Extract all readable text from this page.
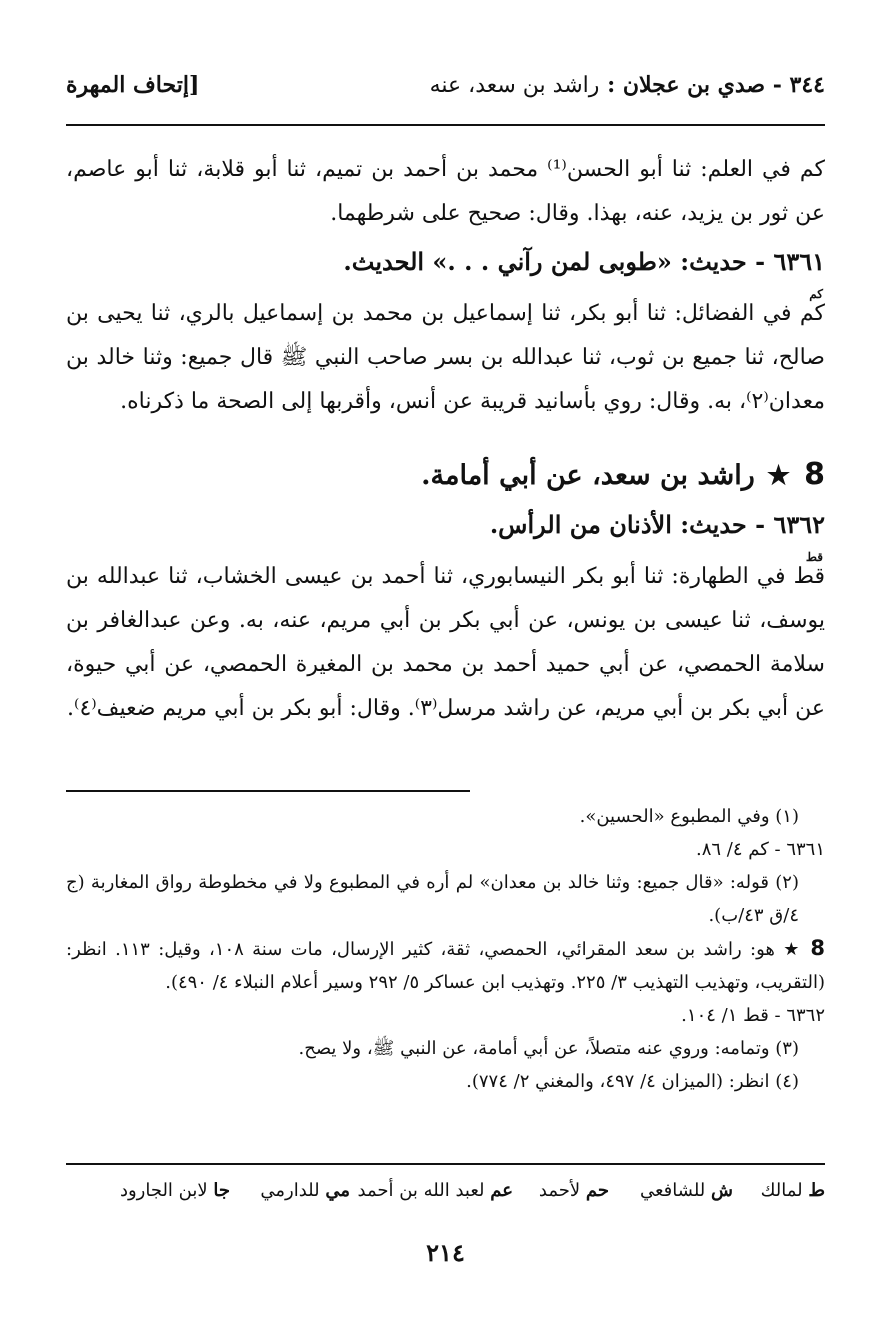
٣٤٤ - صدي بن عجلان : راشد بن سعد، عنه
[إتحاف المهرة

كم في العلم: ثنا أبو الحسن⁽¹⁾ محمد بن أحمد بن تميم، ثنا أبو قلابة، ثنا أبو عاصم، عن ثور بن يزيد، عنه، بهذا. وقال: صحيح على شرطهما.

٦٣٦١ - حديث: «طوبى لمن رآني . . .» الحديث.
كم

كم في الفضائل: ثنا أبو بكر، ثنا إسماعيل بن محمد بن إسماعيل بالري، ثنا يحيى بن صالح، ثنا جميع بن ثوب، ثنا عبدالله بن بسر صاحب النبي ﷺ قال جميع: وثنا خالد بن معدان⁽٢⁾، به. وقال: روي بأسانيد قريبة عن أنس، وأقربها إلى الصحة ما ذكرناه.

8★راشد بن سعد، عن أبي أمامة.
٦٣٦٢ - حديث: الأذنان من الرأس.
قط

قط في الطهارة: ثنا أبو بكر النيسابوري، ثنا أحمد بن عيسى الخشاب، ثنا عبدالله بن يوسف، ثنا عيسى بن يونس، عن أبي بكر بن أبي مريم، عنه، به. وعن عبدالغافر بن سلامة الحمصي، عن أبي حميد أحمد بن محمد بن المغيرة الحمصي، عن أبي حيوة، عن أبي بكر بن أبي مريم، عن راشد مرسل⁽٣⁾. وقال: أبو بكر بن أبي مريم ضعيف⁽٤⁾.

(١) وفي المطبوع «الحسين».

٦٣٦١ - كم ٤/ ٨٦.

(٢) قوله: «قال جميع: وثنا خالد بن معدان» لم أره في المطبوع ولا في مخطوطة رواق المغاربة (ج ٤/ق ٤٣/ب).

8 ★ هو: راشد بن سعد المقرائي، الحمصي، ثقة، كثير الإرسال، مات سنة ١٠٨، وقيل: ١١٣. انظر: (التقريب، وتهذيب التهذيب ٣/ ٢٢٥. وتهذيب ابن عساكر ٥/ ٢٩٢ وسير أعلام النبلاء ٤/ ٤٩٠).

٦٣٦٢ - قط ١/ ١٠٤.

(٣) وتمامه: وروي عنه متصلاً، عن أبي أمامة، عن النبي ﷺ، ولا يصح.

(٤) انظر: (الميزان ٤/ ٤٩٧، والمغني ٢/ ٧٧٤).

ط لمالك
ش للشافعي
حم لأحمد
عم لعبد الله بن أحمد
مي للدارمي
جا لابن الجارود
٢١٤
